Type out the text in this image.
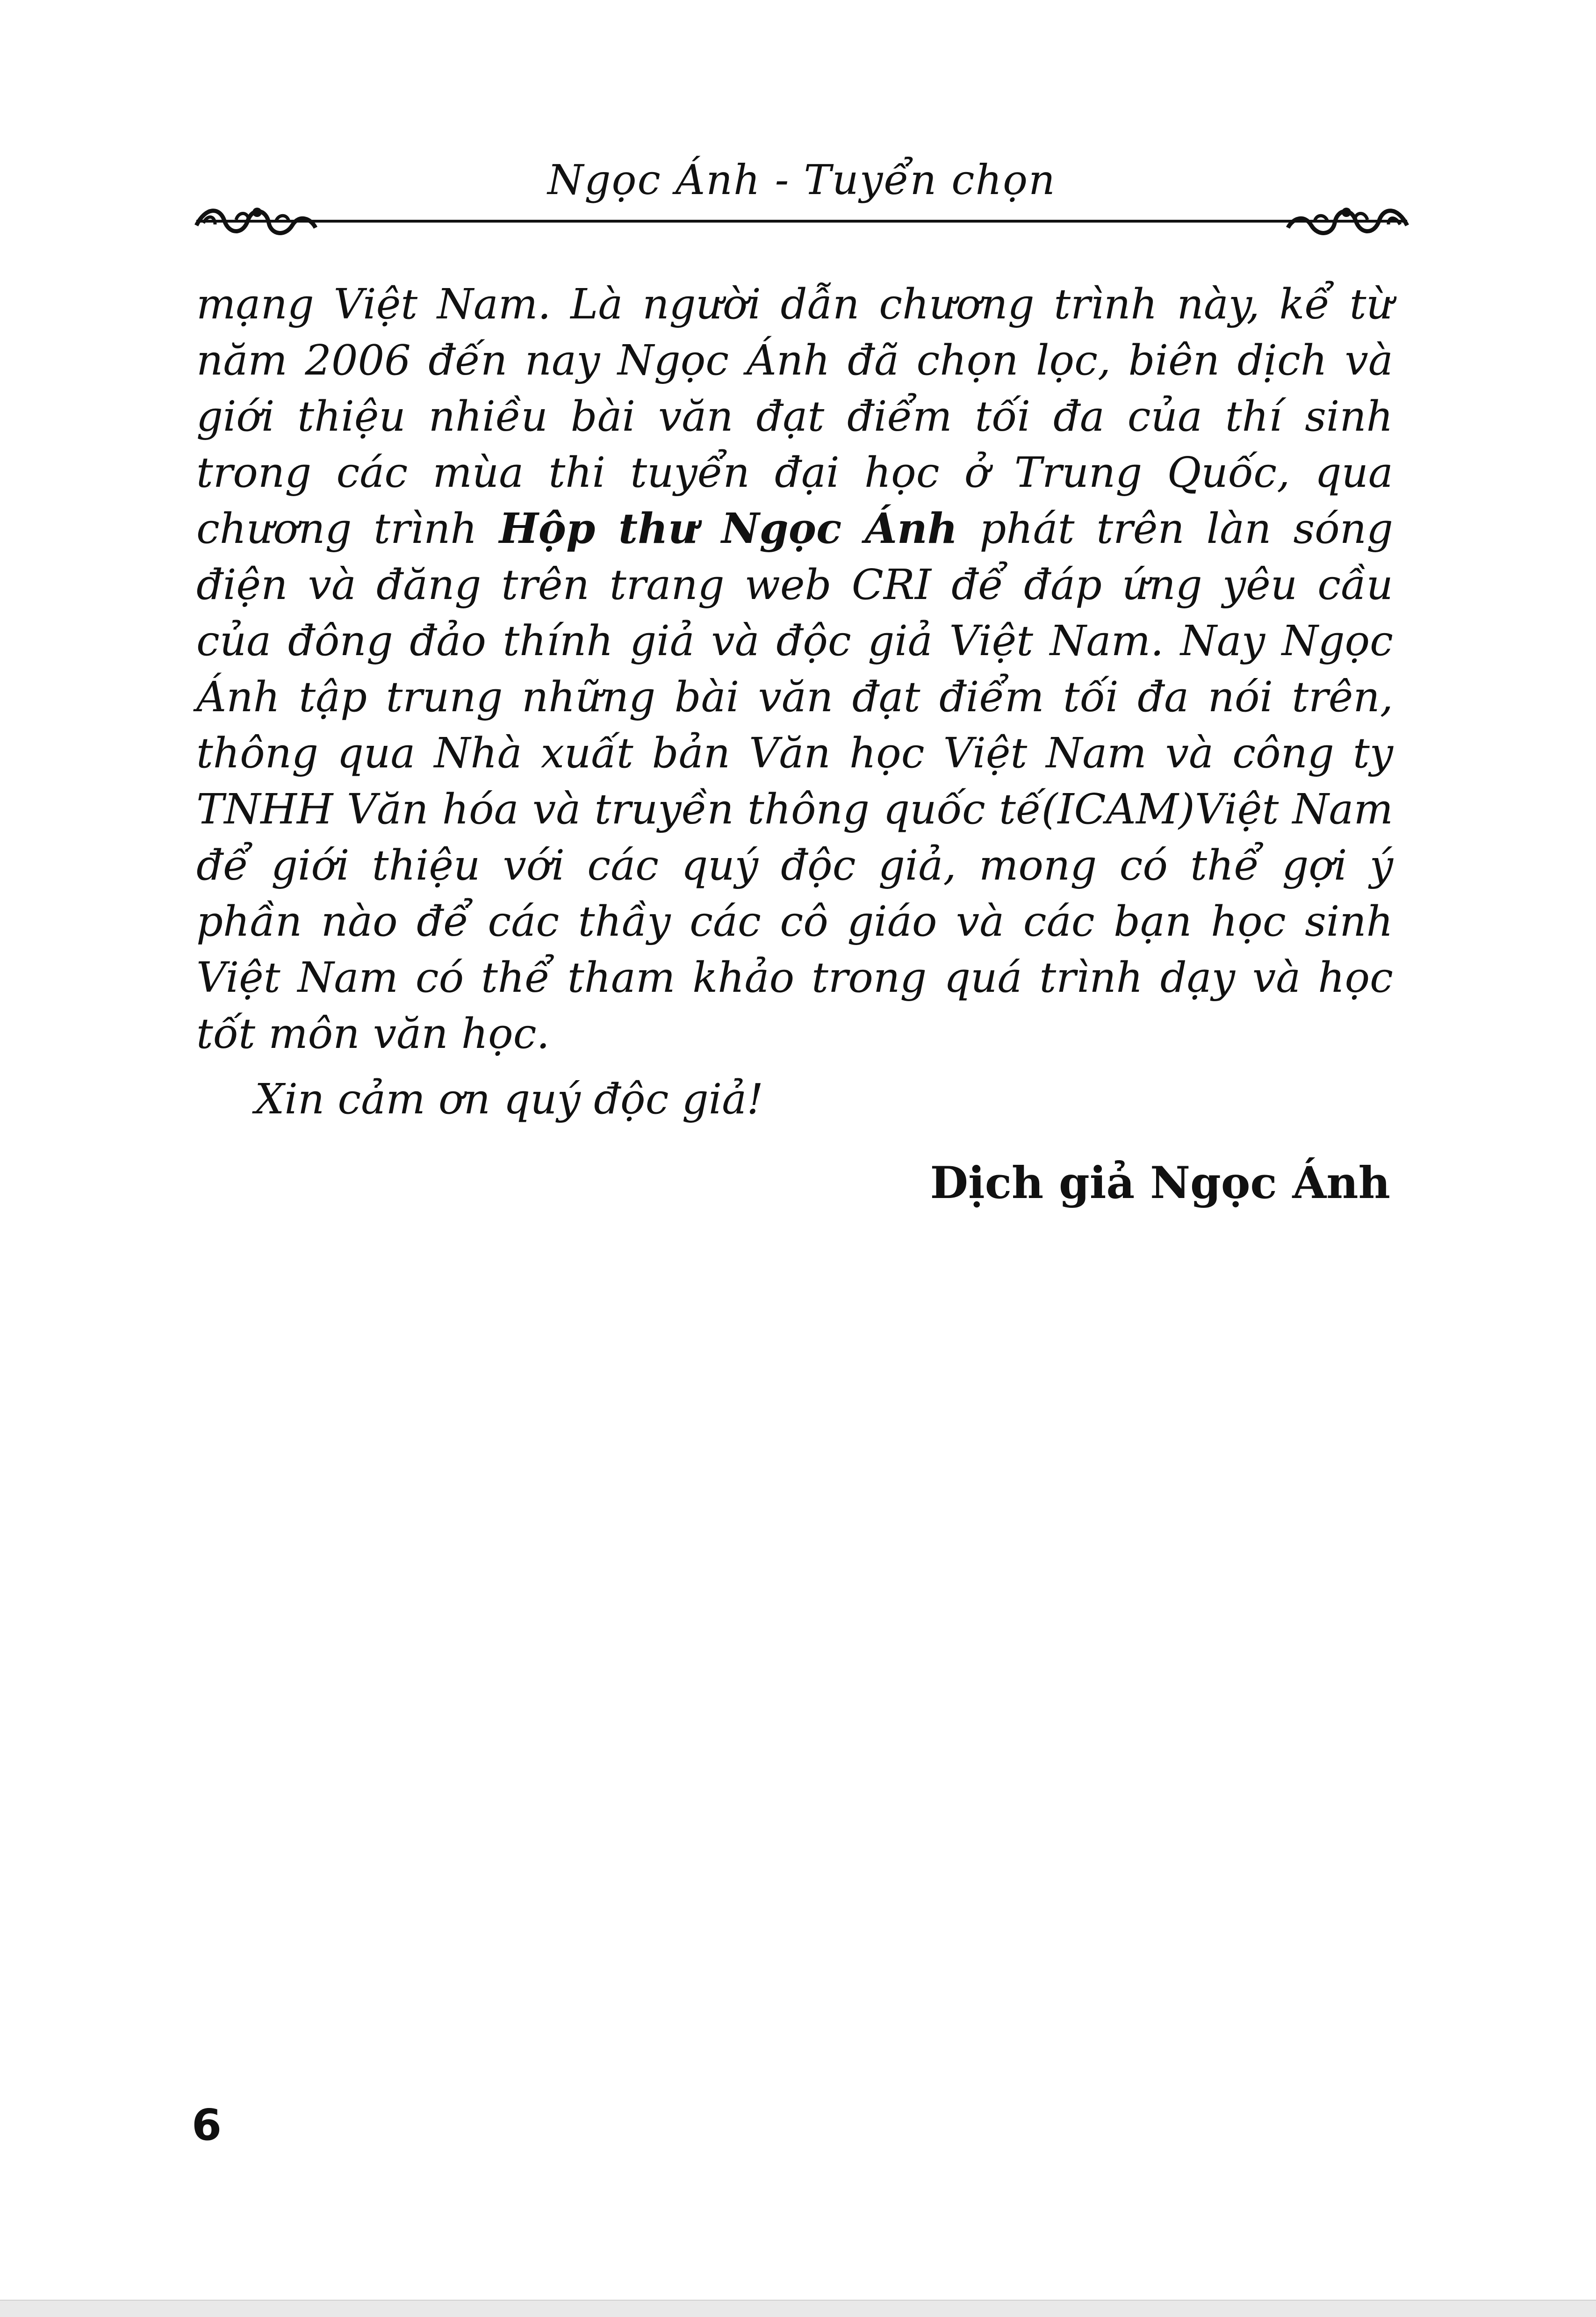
Ngọc Ánh - Tuyển chọn

mạng Việt Nam. Là người dẫn chương trình này, kể từ năm 2006 đến nay Ngọc Ánh đã chọn lọc, biên dịch và giới thiệu nhiều bài văn đạt điểm tối đa của thí sinh trong các mùa thi tuyển đại học ở Trung Quốc, qua chương trình Hộp thư Ngọc Ánh phát trên làn sóng điện và đăng trên trang web CRI để đáp ứng yêu cầu của đông đảo thính giả và độc giả Việt Nam. Nay Ngọc Ánh tập trung những bài văn đạt điểm tối đa nói trên, thông qua Nhà xuất bản Văn học Việt Nam và công ty TNHH Văn hóa và truyền thông quốc tế(ICAM)Việt Nam để giới thiệu với các quý độc giả, mong có thể gợi ý phần nào để các thầy các cô giáo và các bạn học sinh Việt Nam có thể tham khảo trong quá trình dạy và học tốt môn văn học.

Xin cảm ơn quý độc giả!
Dịch giả Ngọc Ánh
6
